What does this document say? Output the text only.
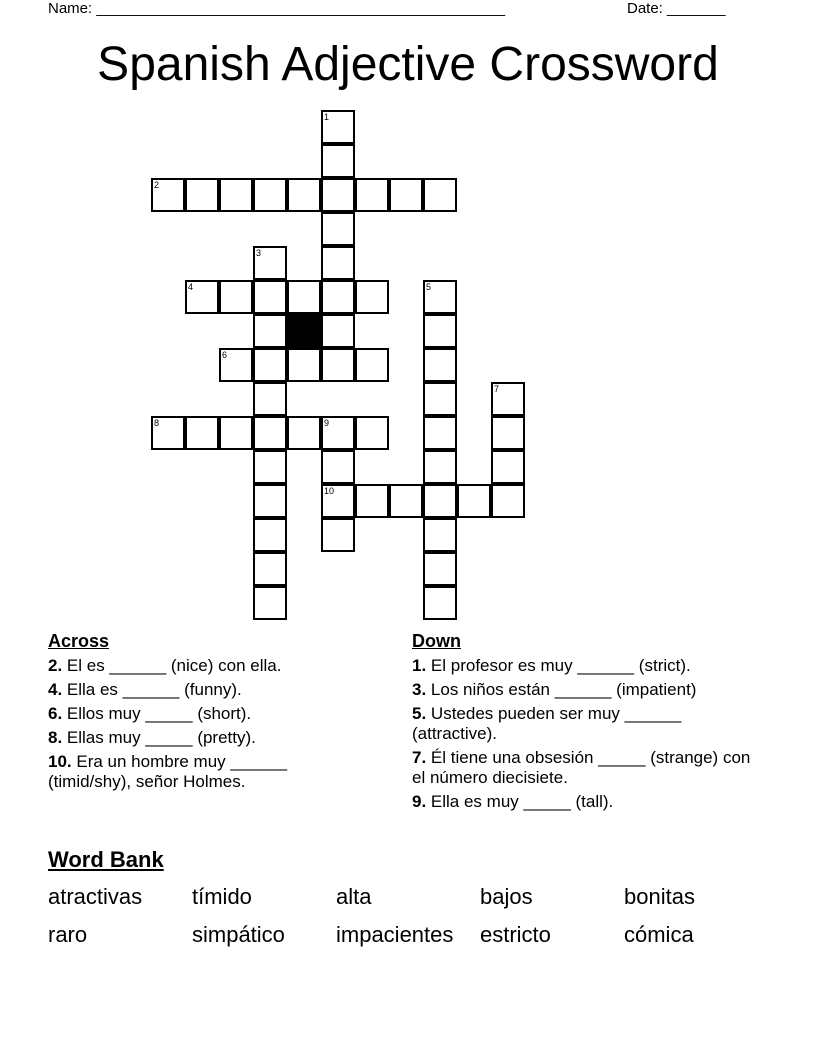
Name: _________________________________________________	Date: _______
Spanish Adjective Crossword
1
2
3
4	5
6
7
8	9
10
Across
2. El es ______ (nice) con ella.
4. Ella es ______ (funny).
6. Ellos muy _____ (short).
8. Ellas muy _____ (pretty).
10. Era un hombre muy ______ (timid/shy), señor Holmes.
Down
1. El profesor es muy ______ (strict).
3. Los niños están ______ (impatient)
5. Ustedes pueden ser muy ______ (attractive).
7. Él tiene una obsesión _____ (strange) con el número diecisiete.
9. Ella es muy _____ (tall).
Word Bank
atractivas	tímido	alta	bajos	bonitas
raro	simpático	impacientes	estricto	cómica
